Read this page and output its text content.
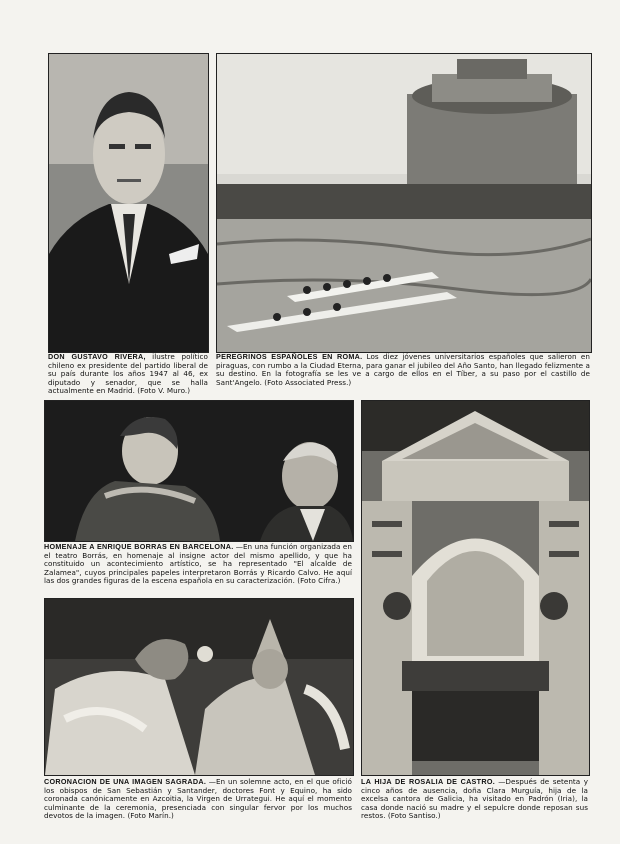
DON GUSTAVO RIVERA, ilustre político chileno ex presidente del partido liberal de su país durante los años 1947 al 46, ex diputado y senador, que se halla actualmente en Madrid. (Foto V. Muro.)
PEREGRINOS ESPAÑOLES EN ROMA. Los diez jóvenes universitarios españoles que salieron en piraguas, con rumbo a la Ciudad Eterna, para ganar el jubileo del Año Santo, han llegado felizmente a su destino. En la fotografía se les ve a cargo de ellos en el Tíber, a su paso por el castillo de Sant'Angelo. (Foto Associated Press.)
HOMENAJE A ENRIQUE BORRAS EN BARCELONA. —En una función organizada en el teatro Borrás, en homenaje al insigne actor del mismo apellido, y que ha constituido un acontecimiento artístico, se ha representado "El alcalde de Zalamea", cuyos principales papeles interpretaron Borrás y Ricardo Calvo. He aquí las dos grandes figuras de la escena española en su caracterización. (Foto Cifra.)
CORONACION DE UNA IMAGEN SAGRADA. —En un solemne acto, en el que ofició los obispos de San Sebastián y Santander, doctores Font y Equino, ha sido coronada canónicamente en Azcoitia, la Virgen de Urrategui. He aquí el momento culminante de la ceremonia, presenciada con singular fervor por los muchos devotos de la imagen. (Foto Marín.)
LA HIJA DE ROSALIA DE CASTRO. —Después de setenta y cinco años de ausencia, doña Clara Murguía, hija de la excelsa cantora de Galicia, ha visitado en Padrón (Iria), la casa donde nació su madre y el sepulcre donde reposan sus restos. (Foto Santiso.)
